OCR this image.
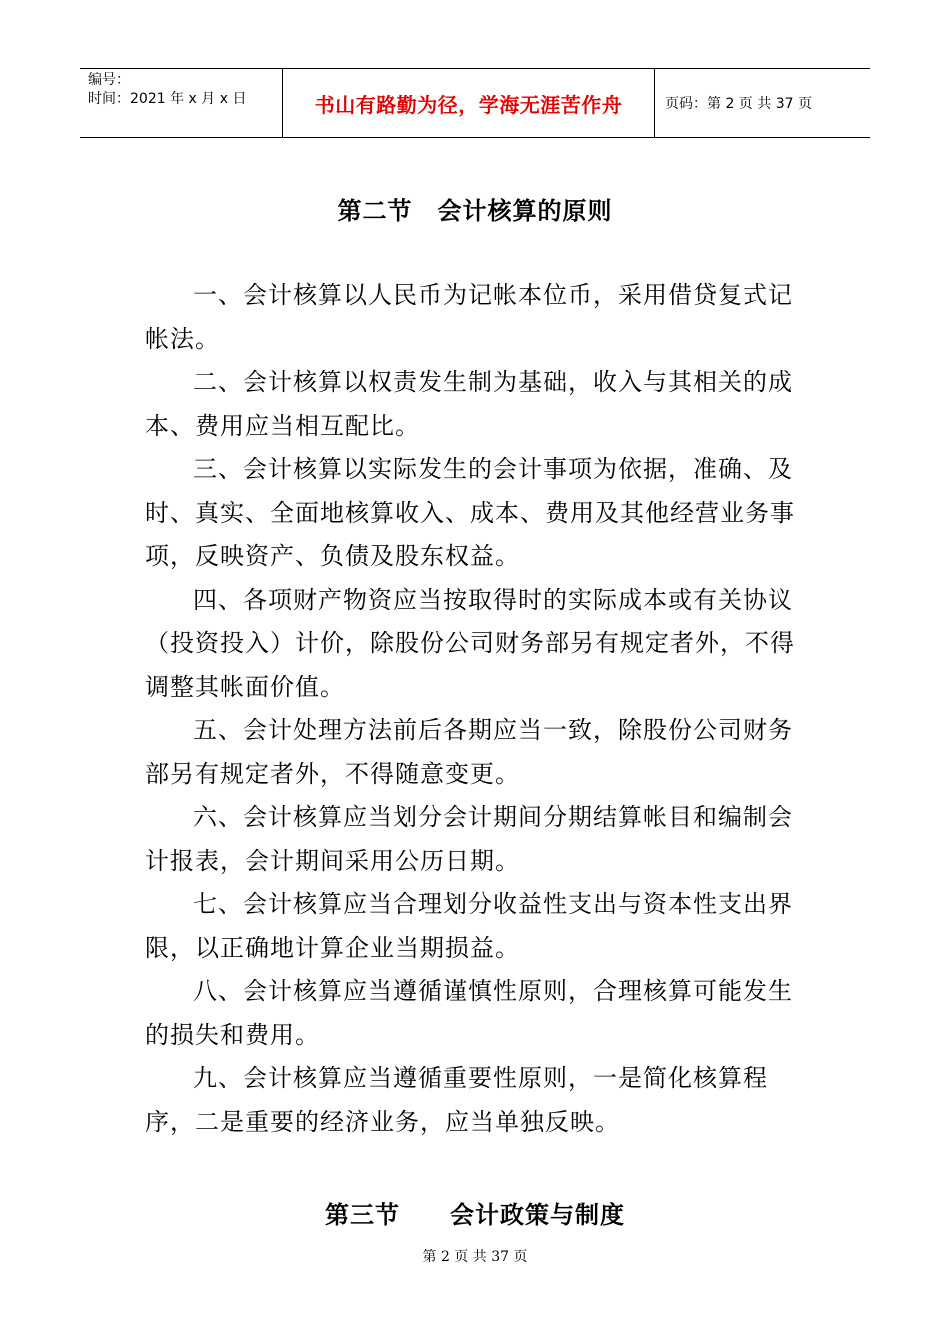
编号：
时间：2021 年 x 月 x 日	书山有路勤为径，学海无涯苦作舟	页码：第 2 页 共 37 页
第二节　会计核算的原则

一、会计核算以人民币为记帐本位币，采用借贷复式记帐法。

二、会计核算以权责发生制为基础，收入与其相关的成本、费用应当相互配比。

三、会计核算以实际发生的会计事项为依据，准确、及时、真实、全面地核算收入、成本、费用及其他经营业务事项，反映资产、负债及股东权益。

四、各项财产物资应当按取得时的实际成本或有关协议（投资投入）计价，除股份公司财务部另有规定者外，不得调整其帐面价值。

五、会计处理方法前后各期应当一致，除股份公司财务部另有规定者外，不得随意变更。

六、会计核算应当划分会计期间分期结算帐目和编制会计报表，会计期间采用公历日期。

七、会计核算应当合理划分收益性支出与资本性支出界限，以正确地计算企业当期损益。

八、会计核算应当遵循谨慎性原则，合理核算可能发生的损失和费用。

九、会计核算应当遵循重要性原则，一是简化核算程序，二是重要的经济业务，应当单独反映。

第三节　　会计政策与制度
第 2 页 共 37 页
